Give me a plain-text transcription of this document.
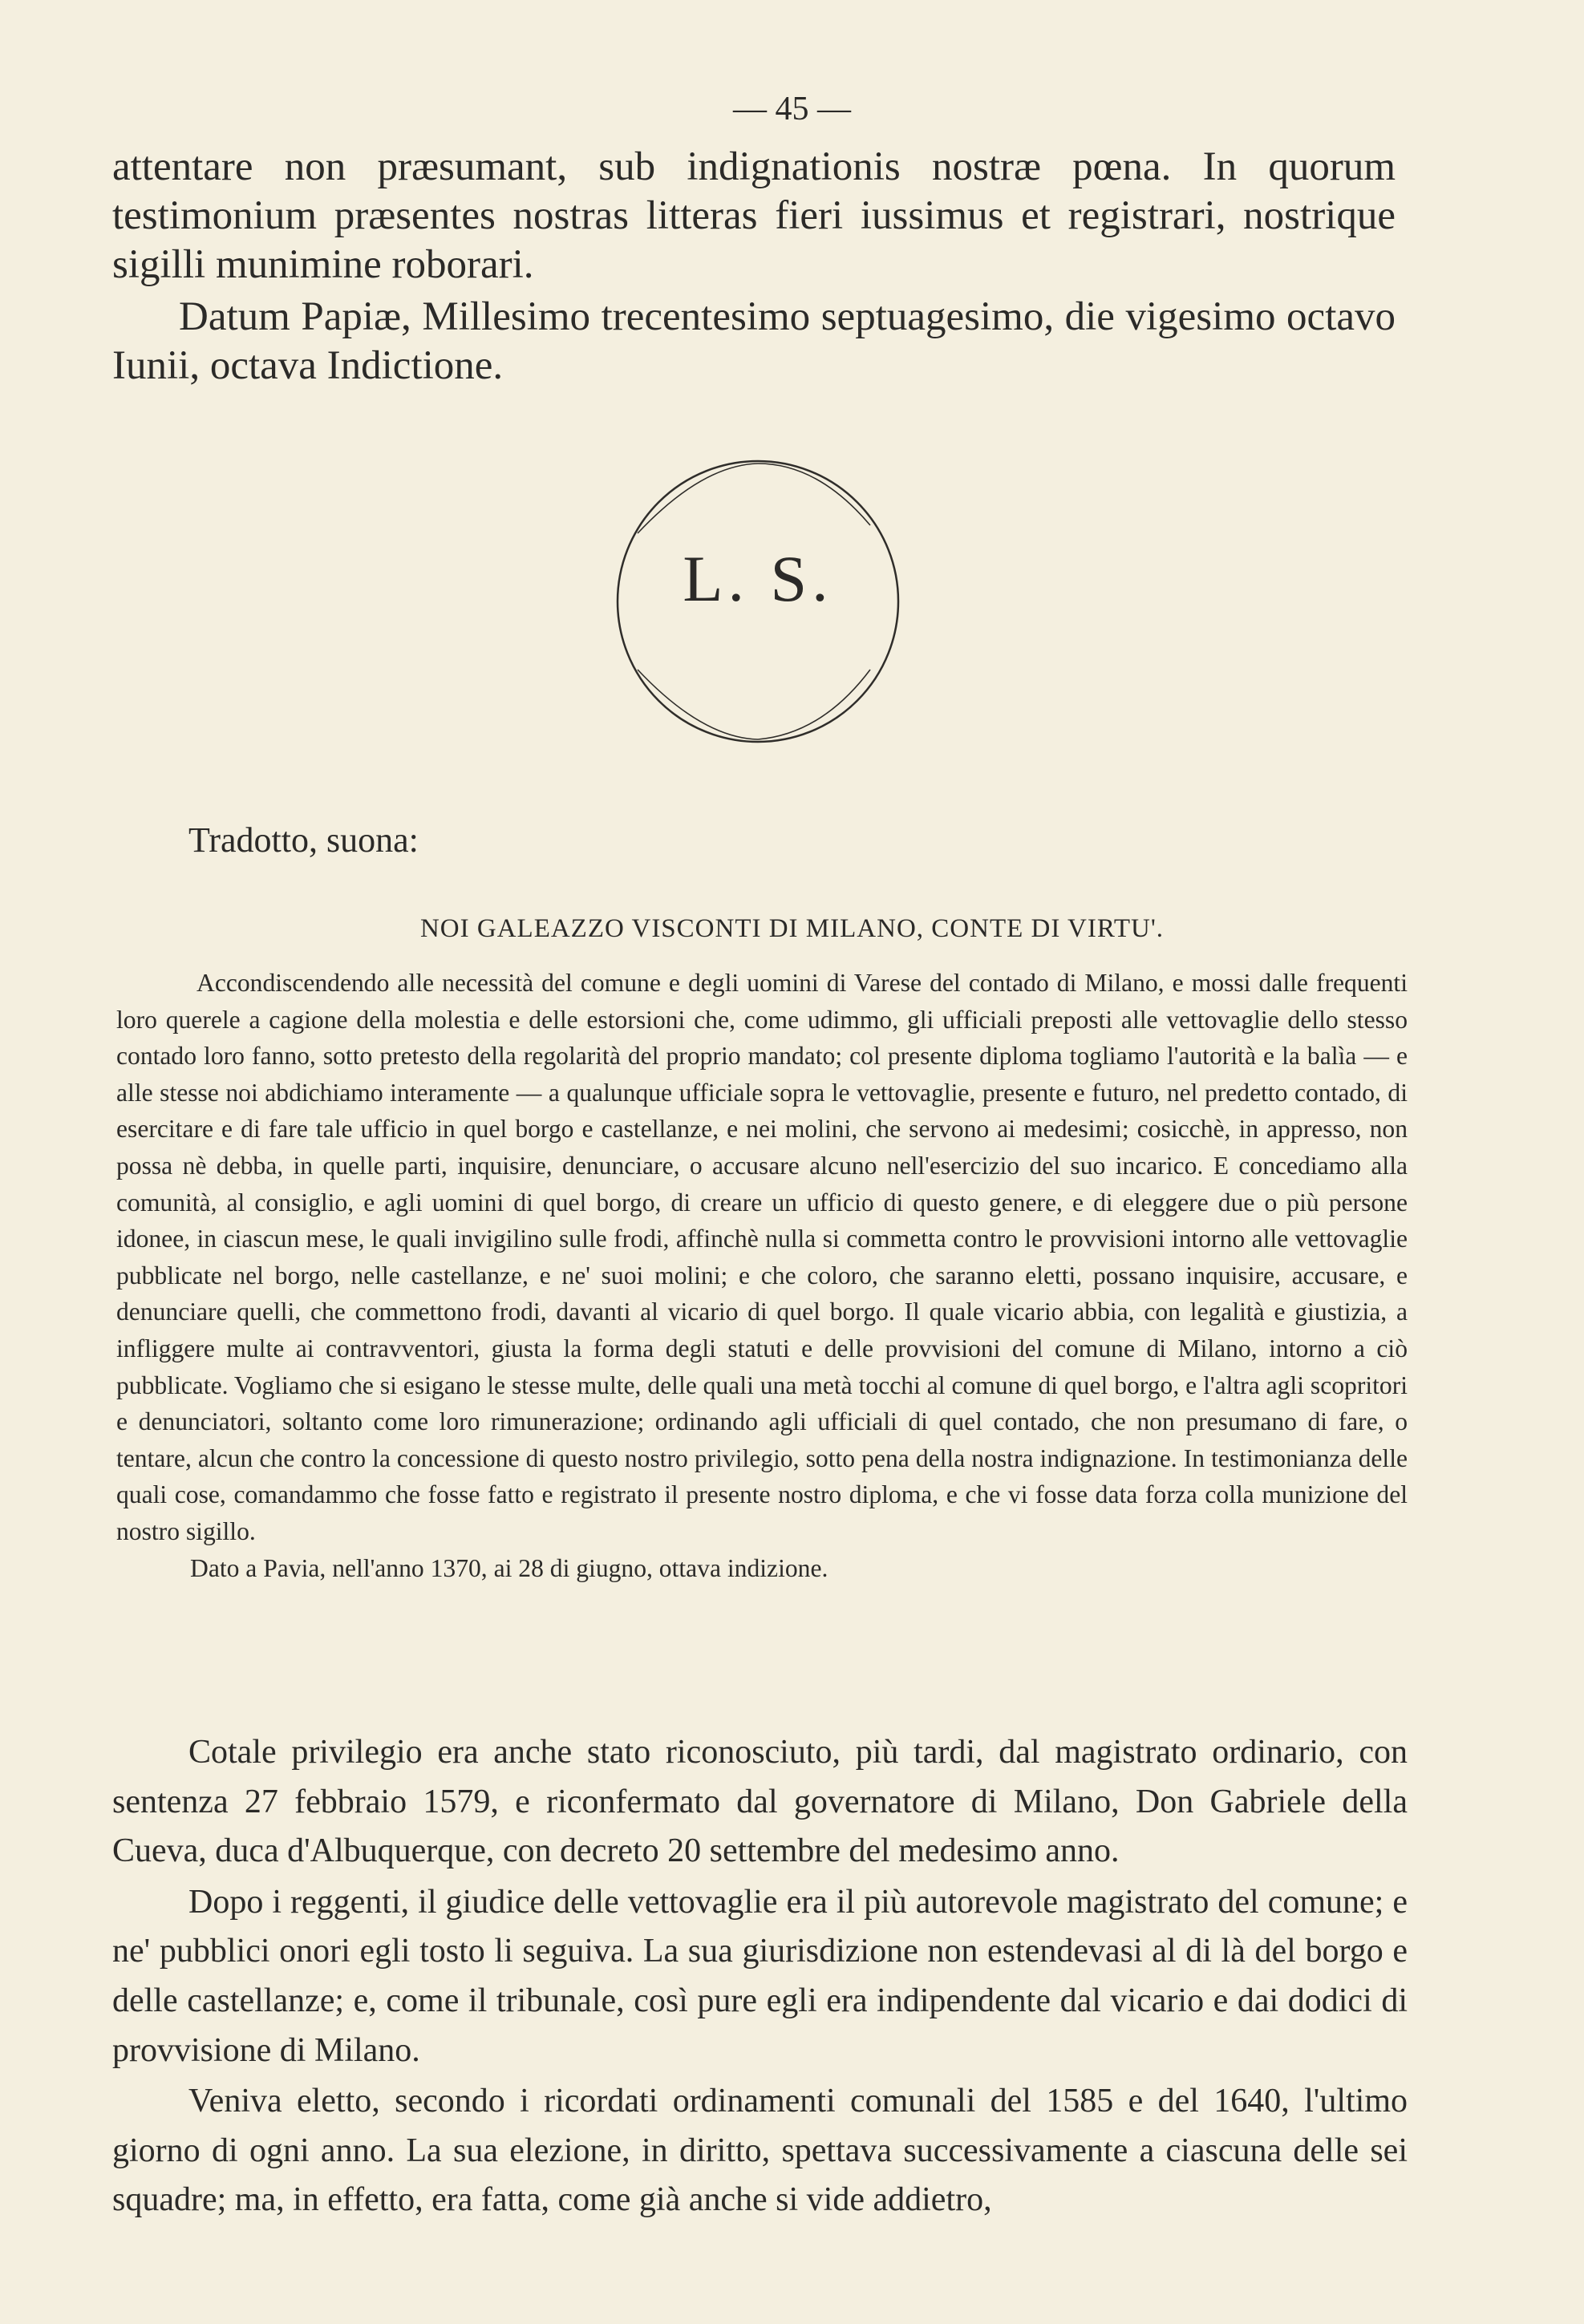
— 45 —

attentare non præsumant, sub indignationis nostræ pœna. In quorum testimonium præsentes nostras litteras fieri iussimus et registrari, nostrique sigilli munimine roborari.

Datum Papiæ, Millesimo trecentesimo septuagesimo, die vigesimo octavo Iunii, octava Indictione.

L. S.
Tradotto, suona:
NOI GALEAZZO VISCONTI DI MILANO, CONTE DI VIRTU'.

Accondiscendendo alle necessità del comune e degli uomini di Varese del contado di Milano, e mossi dalle frequenti loro querele a cagione della molestia e delle estorsioni che, come udimmo, gli ufficiali preposti alle vettovaglie dello stesso contado loro fanno, sotto pretesto della regolarità del proprio mandato; col presente diploma togliamo l'autorità e la balìa — e alle stesse noi abdichiamo interamente — a qualunque ufficiale sopra le vettovaglie, presente e futuro, nel predetto contado, di esercitare e di fare tale ufficio in quel borgo e castellanze, e nei molini, che servono ai medesimi; cosicchè, in appresso, non possa nè debba, in quelle parti, inquisire, denunciare, o accusare alcuno nell'esercizio del suo incarico. E concediamo alla comunità, al consiglio, e agli uomini di quel borgo, di creare un ufficio di questo genere, e di eleggere due o più persone idonee, in ciascun mese, le quali invigilino sulle frodi, affinchè nulla si commetta contro le provvisioni intorno alle vettovaglie pubblicate nel borgo, nelle castellanze, e ne' suoi molini; e che coloro, che saranno eletti, possano inquisire, accusare, e denunciare quelli, che commettono frodi, davanti al vicario di quel borgo. Il quale vicario abbia, con legalità e giustizia, a infliggere multe ai contravventori, giusta la forma degli statuti e delle provvisioni del comune di Milano, intorno a ciò pubblicate. Vogliamo che si esigano le stesse multe, delle quali una metà tocchi al comune di quel borgo, e l'altra agli scopritori e denunciatori, soltanto come loro rimunerazione; ordinando agli ufficiali di quel contado, che non presumano di fare, o tentare, alcun che contro la concessione di questo nostro privilegio, sotto pena della nostra indignazione. In testimonianza delle quali cose, comandammo che fosse fatto e registrato il presente nostro diploma, e che vi fosse data forza colla munizione del nostro sigillo.

Dato a Pavia, nell'anno 1370, ai 28 di giugno, ottava indizione.

Cotale privilegio era anche stato riconosciuto, più tardi, dal magistrato ordinario, con sentenza 27 febbraio 1579, e riconfermato dal governatore di Milano, Don Gabriele della Cueva, duca d'Albuquerque, con decreto 20 settembre del medesimo anno.

Dopo i reggenti, il giudice delle vettovaglie era il più autorevole magistrato del comune; e ne' pubblici onori egli tosto li seguiva. La sua giurisdizione non estendevasi al di là del borgo e delle castellanze; e, come il tribunale, così pure egli era indipendente dal vicario e dai dodici di provvisione di Milano.

Veniva eletto, secondo i ricordati ordinamenti comunali del 1585 e del 1640, l'ultimo giorno di ogni anno. La sua elezione, in diritto, spettava successivamente a ciascuna delle sei squadre; ma, in effetto, era fatta, come già anche si vide addietro,
